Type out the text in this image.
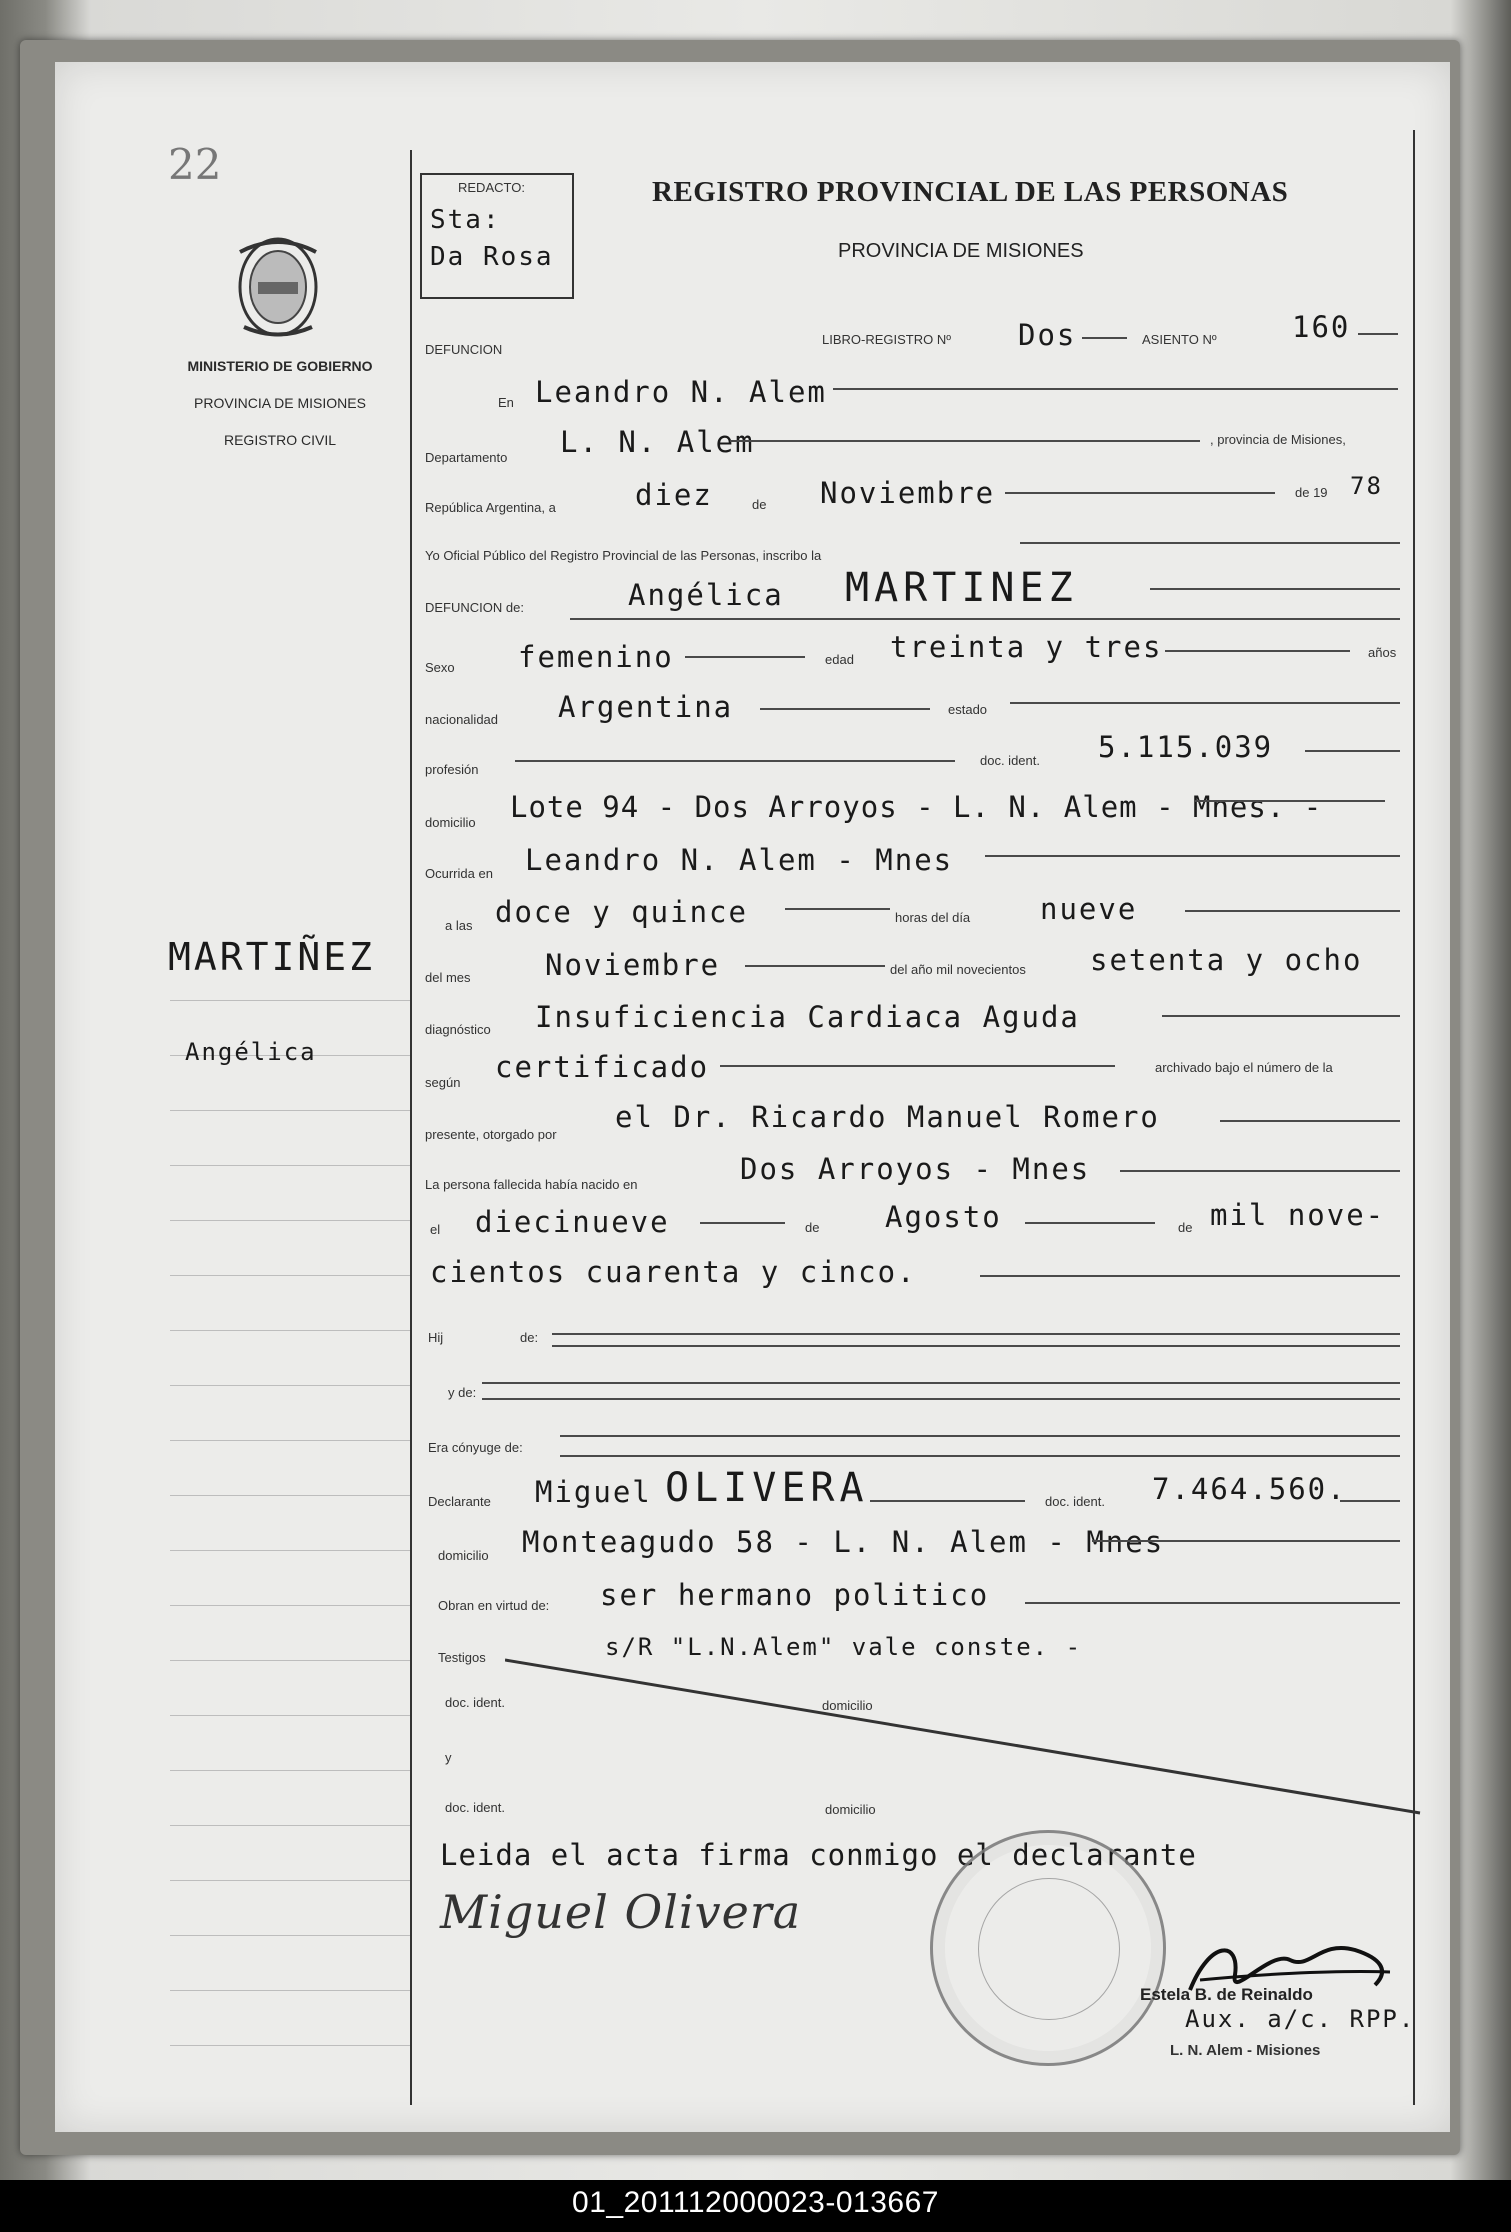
22
MINISTERIO DE GOBIERNO
PROVINCIA DE MISIONES
REGISTRO CIVIL
REDACTO:
Sta:
Da Rosa
REGISTRO PROVINCIAL DE LAS PERSONAS
PROVINCIA DE MISIONES
DEFUNCION
LIBRO-REGISTRO Nº Dos	ASIENTO Nº	160
En Leandro N. Alem
Departamento L. N. Alem	, provincia de Misiones,
República Argentina, a	diez	de Noviembre	de 19 78
Yo Oficial Público del Registro Provincial de las Personas, inscribo la
DEFUNCION de:	Angélica MARTINEZ
Sexo femenino	edad treinta y tres	años
nacionalidad Argentina	estado
profesión
doc. ident. 5.115.039
domicilio Lote 94 - Dos Arroyos - L. N. Alem - Mnes. -
Ocurrida en Leandro N. Alem - Mnes
a las doce y quince	horas del día nueve
MARTIÑEZ
Angélica
del mes	Noviembre	del año mil novecientos setenta y ocho
diagnóstico Insuficiencia Cardiaca Aguda
según certificado	archivado bajo el número de la
presente, otorgado por
el Dr. Ricardo Manuel Romero
La persona fallecida había nacido en	Dos Arroyos - Mnes
el diecinueve	de Agosto	de mil nove-
cientos cuarenta y cinco.
Hij	de:
y de:
Era cónyuge de:
Declarante Miguel OLIVERA	doc. ident. 7.464.560.
domicilio Monteagudo 58 - L. N. Alem - Mnes
Obran en virtud de: ser hermano politico
Testigos	s/R "L.N.Alem" vale conste. -
doc. ident.	domicilio
y
doc. ident.	domicilio
Leida el acta firma conmigo el declarante
Miguel Olivera
Estela B. de Reinaldo
Aux. a/c. RPP.
L. N. Alem - Misiones
01_201112000023-013667
